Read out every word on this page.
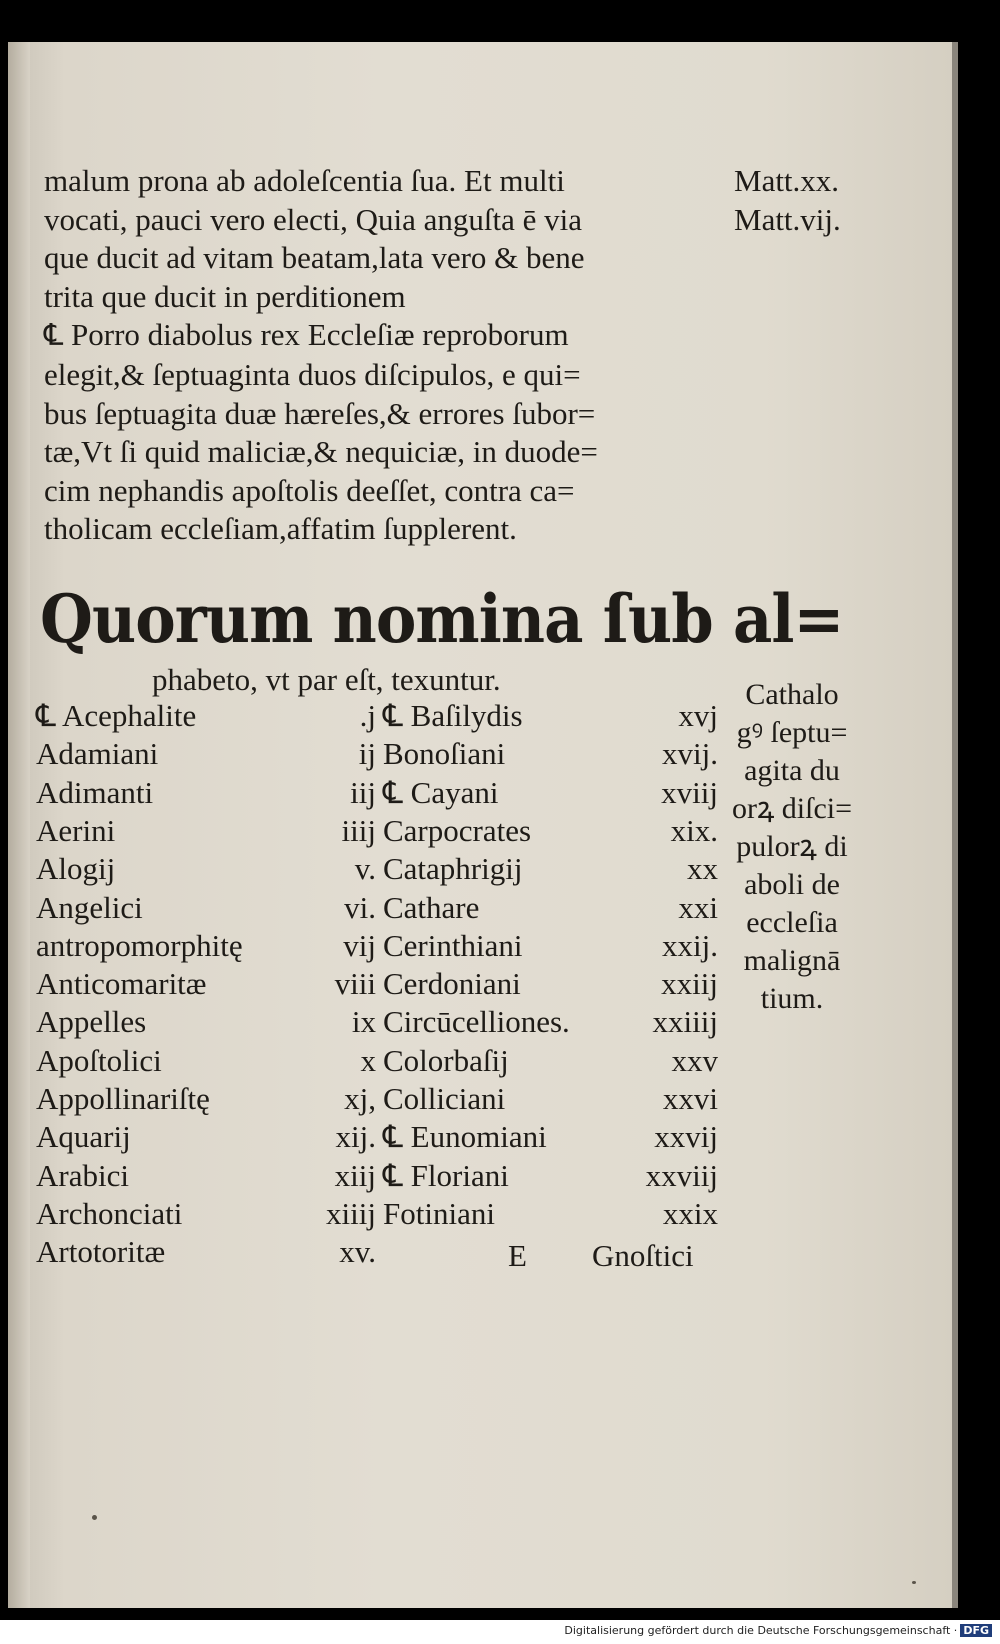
malum prona ab adoleſcentia ſua. Et multi
vocati, pauci vero electi, Quia anguſta ē via
que ducit ad vitam beatam,lata vero & bene
trita que ducit in perditionem
℄ Porro diabolus rex Eccleſiæ reproborum
elegit,& ſeptuaginta duos diſcipulos, e qui=
bus ſeptuagita duæ hæreſes,& errores ſubor=
tæ,Vt ſi quid maliciæ,& nequiciæ, in duode=
cim nephandis apoſtolis deeſſet, contra ca=
tholicam eccleſiam,affatim ſupplerent.
Matt.xx.
Matt.vij.
Quorum nomina ſub al=
phabeto, vt par eſt, texuntur.
℄ Acephalite
Adamiani
Adimanti
Aerini
Alogij
Angelici
antropomorphitę
Anticomaritæ
Appelles
Apoſtolici
Appollinariſtę
Aquarij
Arabici
Archonciati
Artotoritæ
.j
ij
iij
iiij
v.
vi.
vij
viii
ix
x
xj,
xij.
xiij
xiiij
xv.
℄ Baſilydis
Bonoſiani
℄ Cayani
Carpocrates
Cataphrigij
Cathare
Cerinthiani
Cerdoniani
Circūcelliones.
Colorbaſij
Colliciani
℄ Eunomiani
℄ Floriani
Fotiniani
xvj
xvij.
xviij
xix.
xx
xxi
xxij.
xxiij
xxiiij
xxv
xxvi
xxvij
xxviij
xxix
Cathalo
gꝰ ſeptu=
agita du
orꝝ diſci=
pulorꝝ di
aboli de
eccleſia
malignā
tium.
E Gnoſtici
Digitalisierung gefördert durch die Deutsche Forschungsgemeinschaft · DFG
